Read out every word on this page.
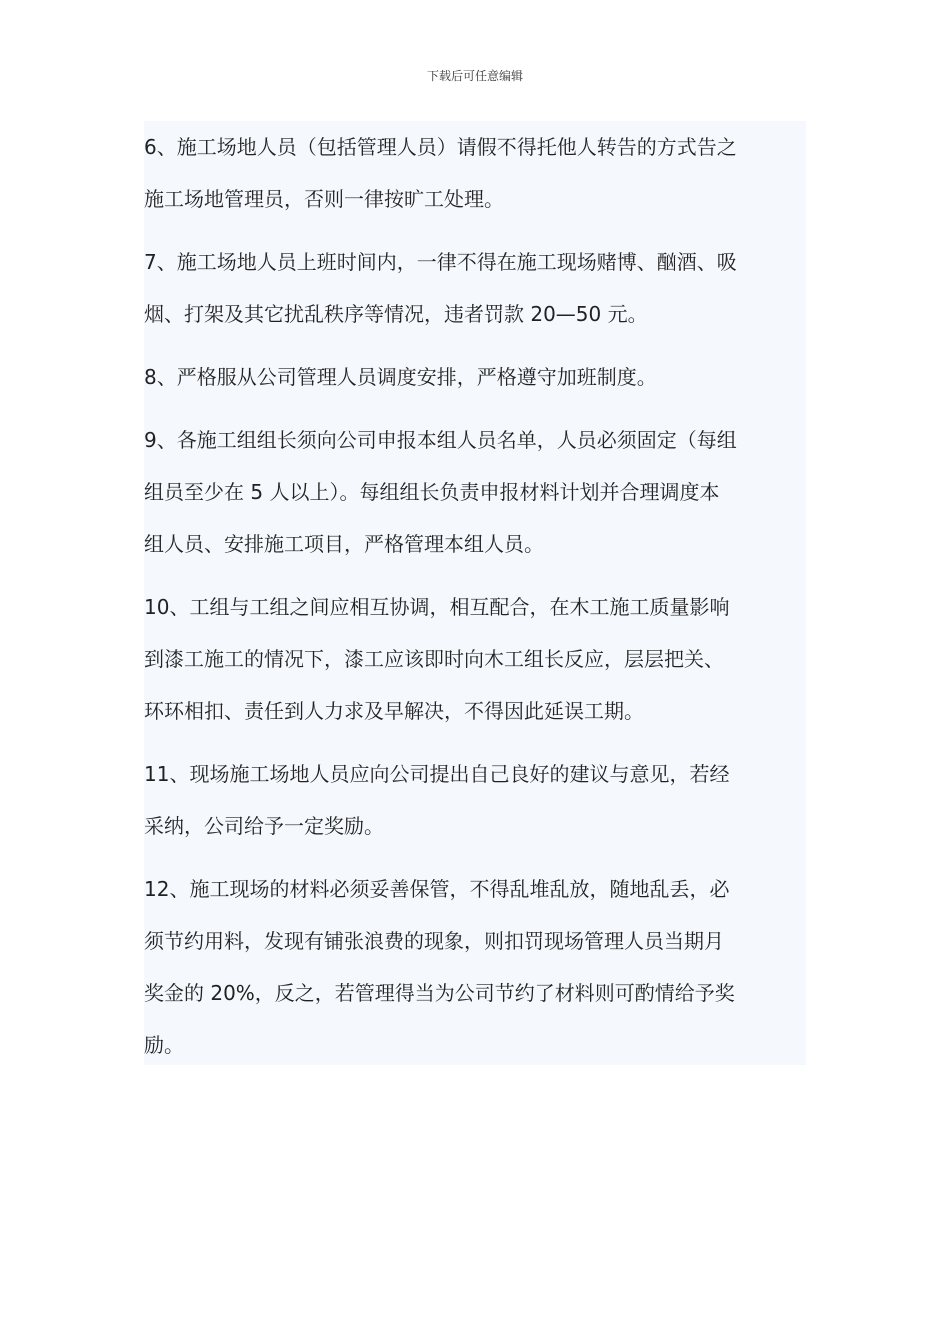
下载后可任意编辑

6、施工场地人员（包括管理人员）请假不得托他人转告的方式告之
施工场地管理员，否则一律按旷工处理。

7、施工场地人员上班时间内，一律不得在施工现场赌博、酗酒、吸
烟、打架及其它扰乱秩序等情况，违者罚款 20—50 元。

8、严格服从公司管理人员调度安排，严格遵守加班制度。

9、各施工组组长须向公司申报本组人员名单，人员必须固定（每组
组员至少在 5 人以上）。每组组长负责申报材料计划并合理调度本
组人员、安排施工项目，严格管理本组人员。

10、工组与工组之间应相互协调，相互配合，在木工施工质量影响
到漆工施工的情况下，漆工应该即时向木工组长反应，层层把关、
环环相扣、责任到人力求及早解决，不得因此延误工期。

11、现场施工场地人员应向公司提出自己良好的建议与意见，若经
采纳，公司给予一定奖励。

12、施工现场的材料必须妥善保管，不得乱堆乱放，随地乱丢，必
须节约用料，发现有铺张浪费的现象，则扣罚现场管理人员当期月
奖金的 20%，反之，若管理得当为公司节约了材料则可酌情给予奖
励。
